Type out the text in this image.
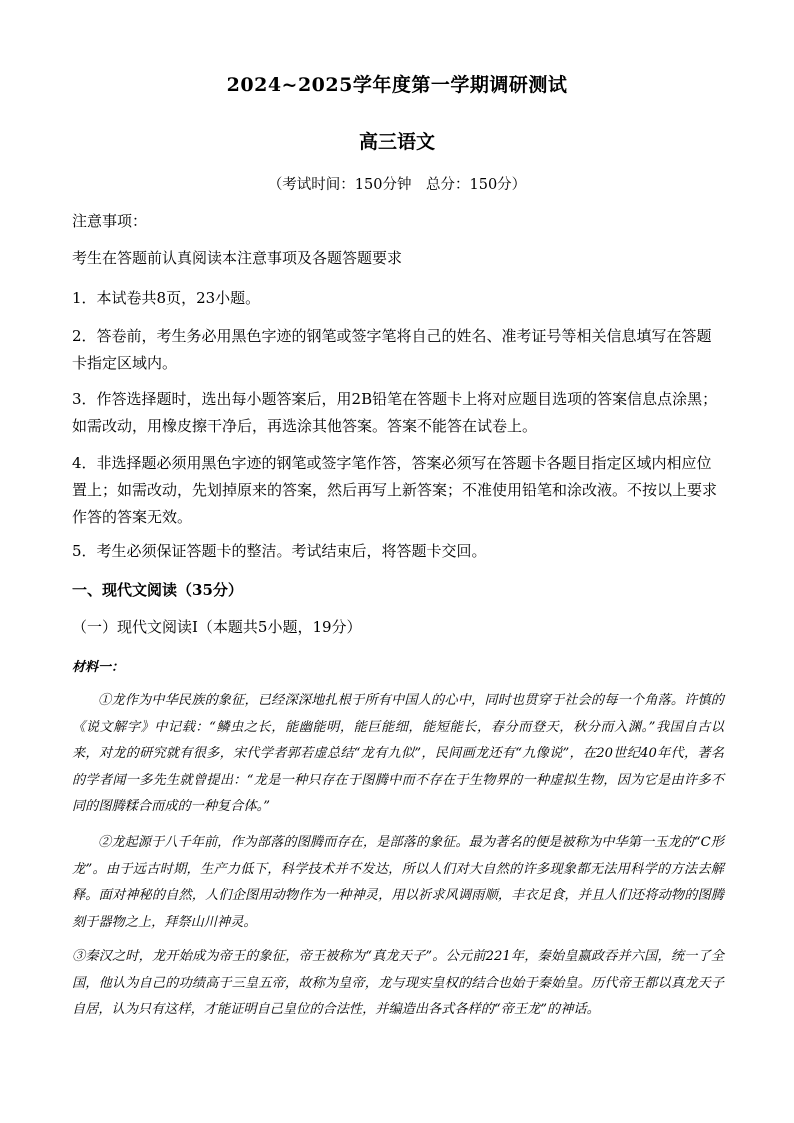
2024~2025学年度第一学期调研测试
高三语文
（考试时间：150分钟　总分：150分）
注意事项：
考生在答题前认真阅读本注意事项及各题答题要求
1．本试卷共8页，23小题。
2．答卷前，考生务必用黑色字迹的钢笔或签字笔将自己的姓名、准考证号等相关信息填写在答题卡指定区域内。
3．作答选择题时，选出每小题答案后，用2B铅笔在答题卡上将对应题目选项的答案信息点涂黑；如需改动，用橡皮擦干净后，再选涂其他答案。答案不能答在试卷上。
4．非选择题必须用黑色字迹的钢笔或签字笔作答，答案必须写在答题卡各题目指定区域内相应位置上；如需改动，先划掉原来的答案，然后再写上新答案；不准使用铅笔和涂改液。不按以上要求作答的答案无效。
5．考生必须保证答题卡的整洁。考试结束后，将答题卡交回。
一、现代文阅读（35分）
（一）现代文阅读Ⅰ（本题共5小题，19分）
材料一：
①龙作为中华民族的象征，已经深深地扎根于所有中国人的心中，同时也贯穿于社会的每一个角落。许慎的《说文解字》中记载：“鳞虫之长，能幽能明，能巨能细，能短能长，春分而登天，秋分而入渊。”我国自古以来，对龙的研究就有很多，宋代学者郭若虚总结“龙有九似”，民间画龙还有“九像说”，在20世纪40年代，著名的学者闻一多先生就曾提出：“龙是一种只存在于图腾中而不存在于生物界的一种虚拟生物，因为它是由许多不同的图腾糅合而成的一种复合体。”
②龙起源于八千年前，作为部落的图腾而存在，是部落的象征。最为著名的便是被称为中华第一玉龙的“C形龙”。由于远古时期，生产力低下，科学技术并不发达，所以人们对大自然的许多现象都无法用科学的方法去解释。面对神秘的自然，人们企图用动物作为一种神灵，用以祈求风调雨顺，丰衣足食，并且人们还将动物的图腾刻于器物之上，拜祭山川神灵。
③秦汉之时，龙开始成为帝王的象征，帝王被称为“真龙天子”。公元前221年，秦始皇嬴政吞并六国，统一了全国，他认为自己的功绩高于三皇五帝，故称为皇帝，龙与现实皇权的结合也始于秦始皇。历代帝王都以真龙天子自居，认为只有这样，才能证明自己皇位的合法性，并编造出各式各样的“帝王龙”的神话。
